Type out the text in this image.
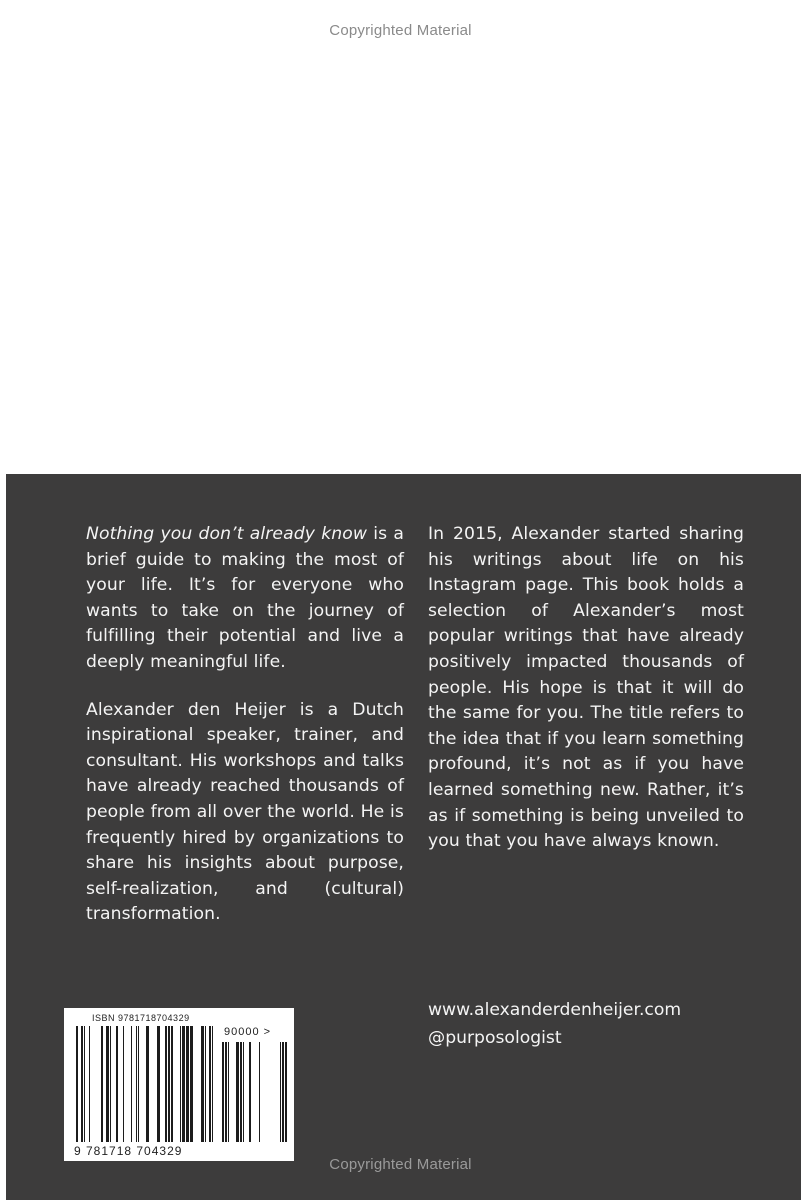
Copyrighted Material

Nothing you don’t already know is a brief guide to making the most of your life. It’s for everyone who wants to take on the journey of fulfilling their potential and live a deeply meaningful life.

Alexander den Heijer is a Dutch inspirational speaker, trainer, and consultant. His workshops and talks have already reached thousands of people from all over the world. He is frequently hired by organizations to share his insights about purpose, self-realization, and (cultural) transformation.

In 2015, Alexander started sharing his writings about life on his Instagram page. This book holds a selection of Alexander’s most popular writings that have already positively impacted thousands of people. His hope is that it will do the same for you. The title refers to the idea that if you learn something profound, it’s not as if you have learned something new. Rather, it’s as if something is being unveiled to you that you have always known.

www.alexanderdenheijer.com
@purposologist
ISBN 9781718704329
90000 >
9 781718 704329
Copyrighted Material
